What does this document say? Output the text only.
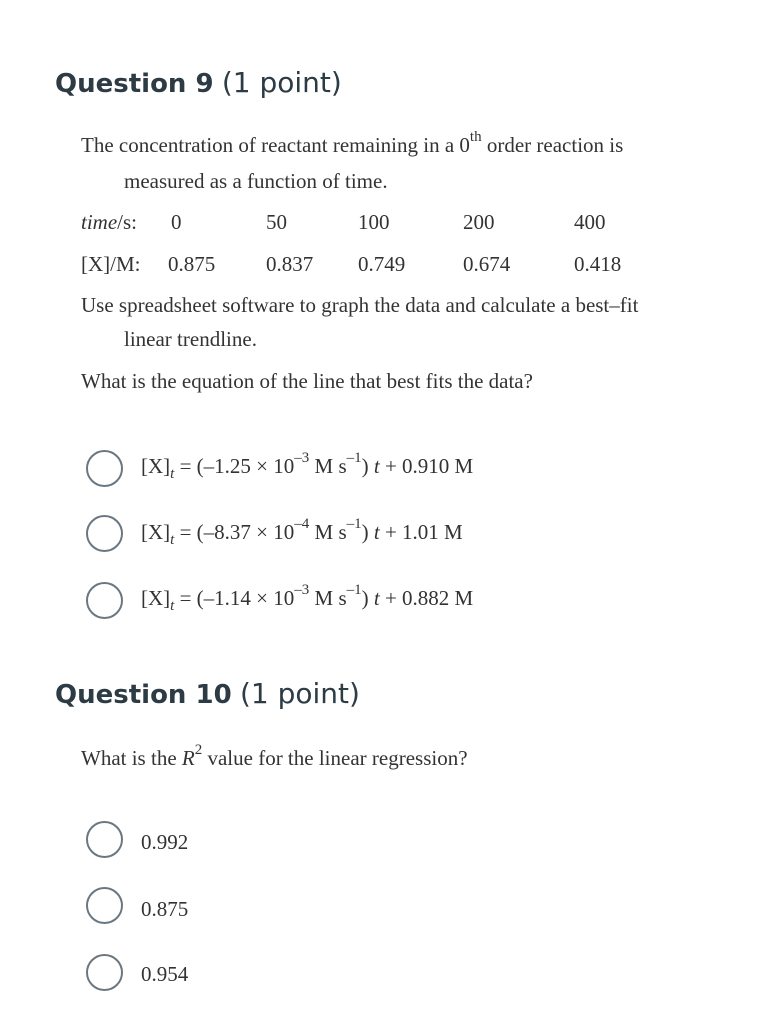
Question 9 (1 point)
The concentration of reactant remaining in a 0th order reaction is
measured as a function of time.
time/s: 0	50	100	200	400
[X]/M: 0.875 0.837 0.749	0.674	0.418
Use spreadsheet software to graph the data and calculate a best–fit
linear trendline.
What is the equation of the line that best fits the data?
$[X]_t = (-1.25 \times 10^{-3}$ M $s^{-1}$) t + 0.910 M
$[X]_t = (-8.37 \times 10^{-4}$ M $s^{-1}$) t + 1.01 M
$[X]_t = (-1.14 \times 10^{-3}$ M $s^{-1}$) t + 0.882 M
Question 10 (1 point)
What is the $R^2$ value for the linear regression?
0.992
0.875
0.954
